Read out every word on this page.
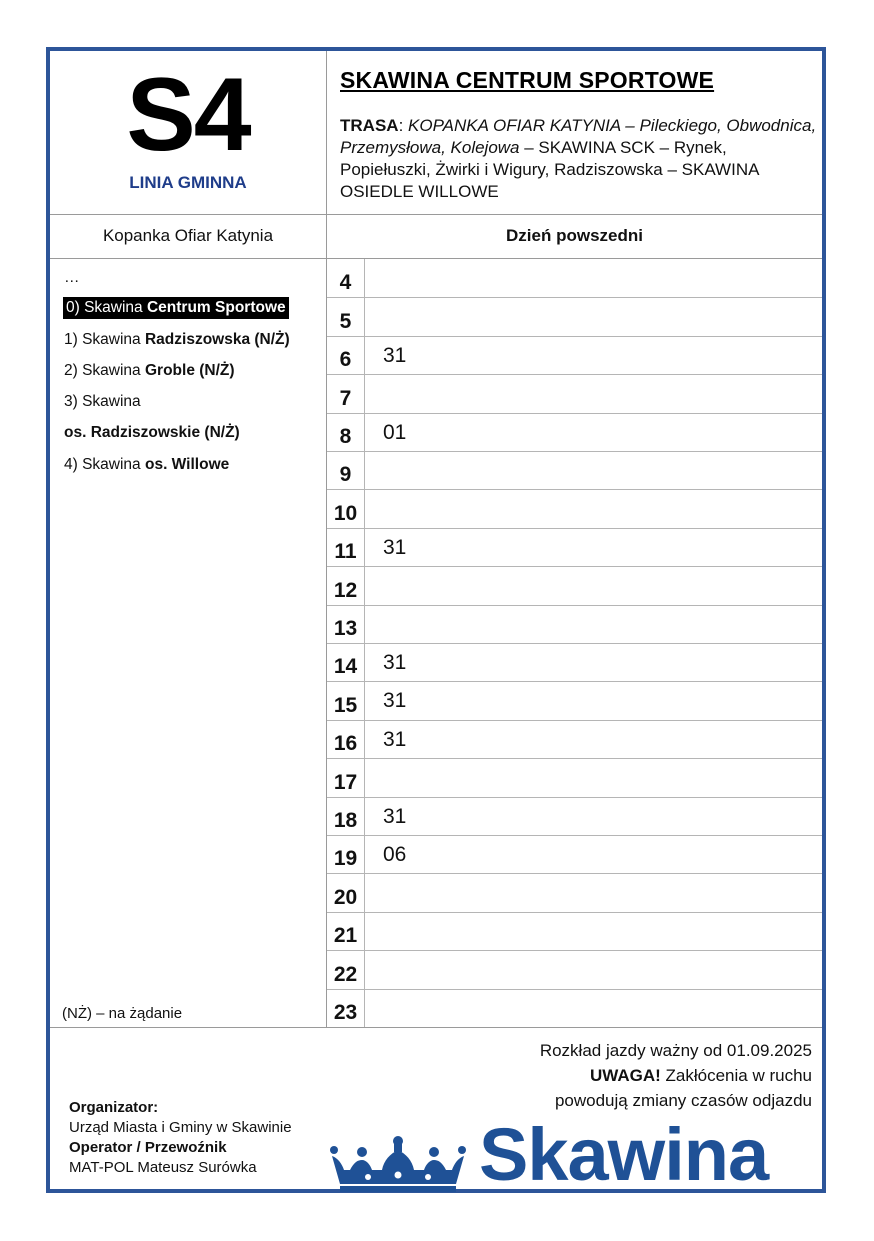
S4
LINIA GMINNA
SKAWINA CENTRUM SPORTOWE
TRASA: KOPANKA OFIAR KATYNIA – Pileckiego, Obwodnica, Przemysłowa, Kolejowa – SKAWINA SCK – Rynek, Popiełuszki, Żwirki i Wigury, Radziszowska – SKAWINA OSIEDLE WILLOWE
Kopanka Ofiar Katynia	Dzień powszedni
…
0) Skawina Centrum Sportowe
1) Skawina Radziszowska (N/Ż)
2) Skawina Groble (N/Ż)
3) Skawina
os. Radziszowskie (N/Ż)
4) Skawina os. Willowe
(NŻ) – na żądanie
4
5
6	31
7
8	01
9
10
11	31
12
13
14	31
15	31
16	31
17
18	31
19	06
20
21
22
23
Rozkład jazdy ważny od 01.09.2025
UWAGA! Zakłócenia w ruchu
powodują zmiany czasów odjazdu
Organizator:
Urząd Miasta i Gminy w Skawinie
Operator / Przewoźnik
MAT-POL Mateusz Surówka	Skawina
